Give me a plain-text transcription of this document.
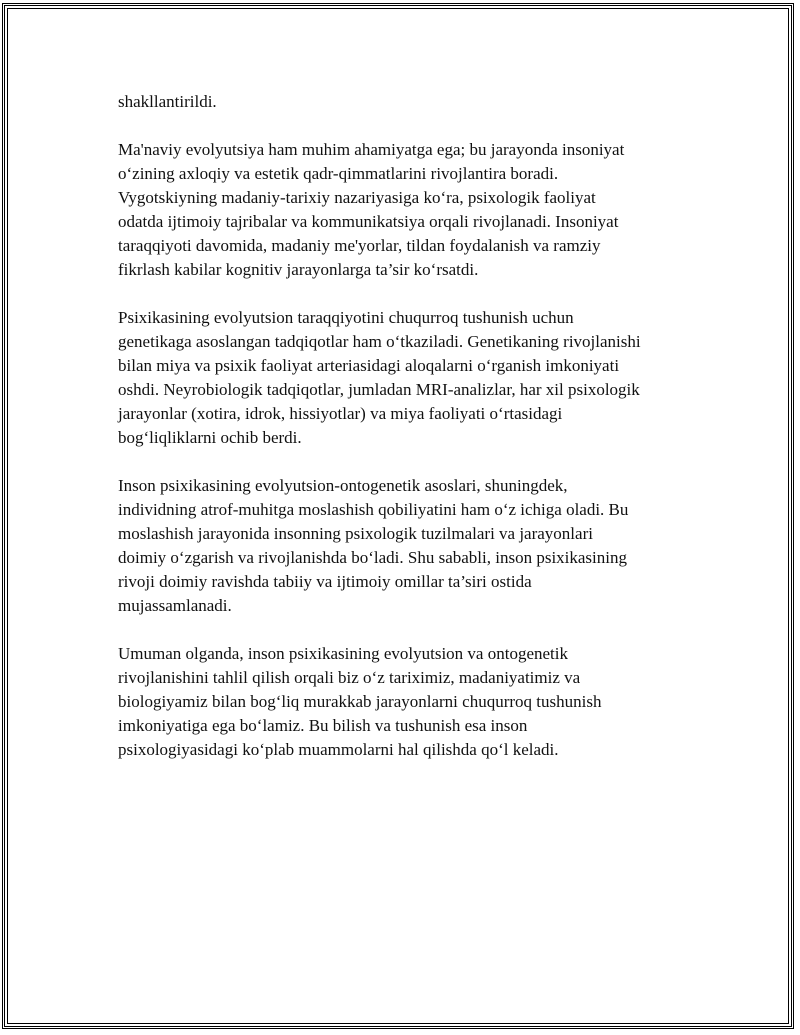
shakllantirildi.

Ma'naviy evolyutsiya ham muhim ahamiyatga ega; bu jarayonda insoniyat
o‘zining axloqiy va estetik qadr-qimmatlarini rivojlantira boradi.
Vygotskiyning madaniy-tarixiy nazariyasiga ko‘ra, psixologik faoliyat
odatda ijtimoiy tajribalar va kommunikatsiya orqali rivojlanadi. Insoniyat
taraqqiyoti davomida, madaniy me'yorlar, tildan foydalanish va ramziy
fikrlash kabilar kognitiv jarayonlarga ta’sir ko‘rsatdi.

Psixikasining evolyutsion taraqqiyotini chuqurroq tushunish uchun
genetikaga asoslangan tadqiqotlar ham o‘tkaziladi. Genetikaning rivojlanishi
bilan miya va psixik faoliyat arteriasidagi aloqalarni o‘rganish imkoniyati
oshdi. Neyrobiologik tadqiqotlar, jumladan MRI-analizlar, har xil psixologik
jarayonlar (xotira, idrok, hissiyotlar) va miya faoliyati o‘rtasidagi
bog‘liqliklarni ochib berdi.

Inson psixikasining evolyutsion-ontogenetik asoslari, shuningdek,
individning atrof-muhitga moslashish qobiliyatini ham o‘z ichiga oladi. Bu
moslashish jarayonida insonning psixologik tuzilmalari va jarayonlari
doimiy o‘zgarish va rivojlanishda bo‘ladi. Shu sababli, inson psixikasining
rivoji doimiy ravishda tabiiy va ijtimoiy omillar ta’siri ostida
mujassamlanadi.

Umuman olganda, inson psixikasining evolyutsion va ontogenetik
rivojlanishini tahlil qilish orqali biz o‘z tariximiz, madaniyatimiz va
biologiyamiz bilan bog‘liq murakkab jarayonlarni chuqurroq tushunish
imkoniyatiga ega bo‘lamiz. Bu bilish va tushunish esa inson
psixologiyasidagi ko‘plab muammolarni hal qilishda qo‘l keladi.
